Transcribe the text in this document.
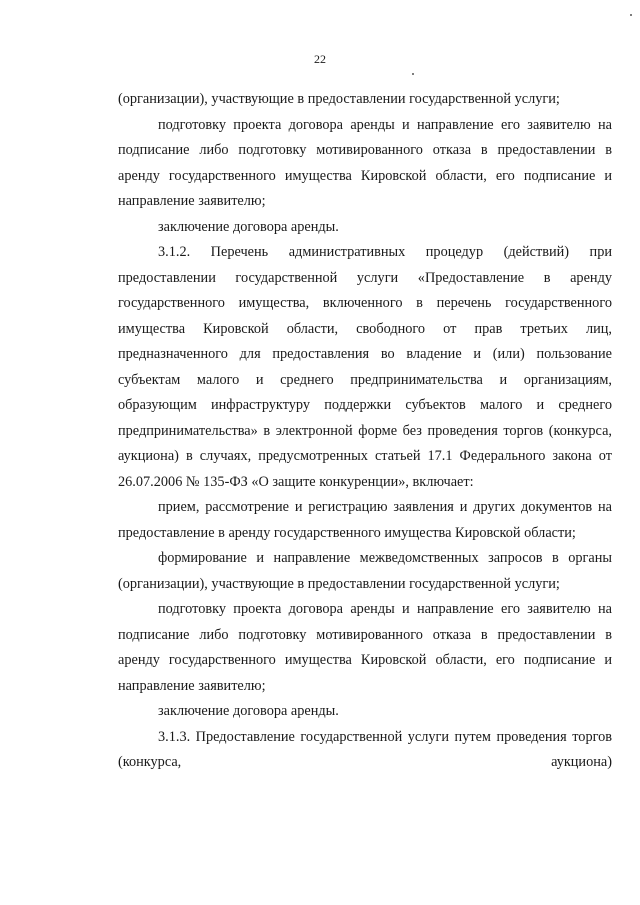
22

(организации), участвующие в предоставлении государственной услуги;

подготовку проекта договора аренды и направление его заявителю на подписание либо подготовку мотивированного отказа в предоставлении в аренду государственного имущества Кировской области, его подписание и направление заявителю;

заключение договора аренды.

3.1.2. Перечень административных процедур (действий) при предоставлении государственной услуги «Предоставление в аренду государственного имущества, включенного в перечень государственного имущества Кировской области, свободного от прав третьих лиц, предназначенного для предоставления во владение и (или) пользование субъектам малого и среднего предпринимательства и организациям, образующим инфраструктуру поддержки субъектов малого и среднего предпринимательства» в электронной форме без проведения торгов (конкурса, аукциона) в случаях, предусмотренных статьей 17.1 Федерального закона от 26.07.2006 № 135-ФЗ «О защите конкуренции», включает:

прием, рассмотрение и регистрацию заявления и других документов на предоставление в аренду государственного имущества Кировской области;

формирование и направление межведомственных запросов в органы (организации), участвующие в предоставлении государственной услуги;

подготовку проекта договора аренды и направление его заявителю на подписание либо подготовку мотивированного отказа в предоставлении в аренду государственного имущества Кировской области, его подписание и направление заявителю;

заключение договора аренды.

3.1.3. Предоставление государственной услуги путем проведения торгов (конкурса, аукциона)
